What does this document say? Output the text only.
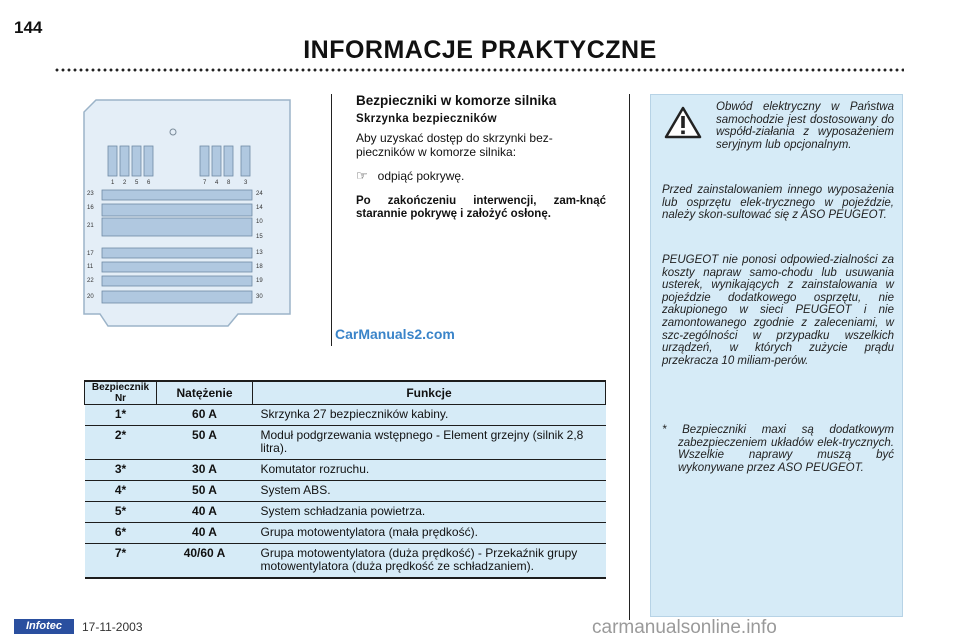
144
INFORMACJE PRAKTYCZNE
1 2 5 6	7 4 8 3
23
16
21
17
11
22
20
24
14
10
15
13
18
19
30
Bezpieczniki w komorze silnika
Skrzynka bezpieczników
Aby uzyskać dostęp do skrzynki bez-pieczników w komorze silnika:
☞ odpiąć pokrywę.
Po zakończeniu interwencji, zam-knąć starannie pokrywę i założyć osłonę.
CarManuals2.com
Obwód elektryczny w Państwa samochodzie jest dostosowany do współd-ziałania z wyposażeniem seryjnym lub opcjonalnym.
Przed zainstalowaniem innego wyposażenia lub osprzętu elek-trycznego w pojeździe, należy skon-sultować się z ASO PEUGEOT.
PEUGEOT nie ponosi odpowied-zialności za koszty napraw samo-chodu lub usuwania usterek, wynikających z zainstalowania w pojeździe dodatkowego osprzętu, nie zakupionego w sieci PEUGEOT i nie zamontowanego zgodnie z zaleceniami, w szc-zególności w przypadku wszelkich urządzeń, w których zużycie prądu przekracza 10 miliam-perów.
* Bezpieczniki maxi są dodatkowym zabezpieczeniem układów elek-trycznych. Wszelkie naprawy muszą być wykonywane przez ASO PEUGEOT.
Bezpiecznik Nr	Natężenie	Funkcje
1*	60 A	Skrzynka 27 bezpieczników kabiny.
2*	50 A	Moduł podgrzewania wstępnego - Element grzejny (silnik 2,8 litra).
3*	30 A	Komutator rozruchu.
4*	50 A	System ABS.
5*	40 A	System schładzania powietrza.
6*	40 A	Grupa motowentylatora (mała prędkość).
7*	40/60 A	Grupa motowentylatora (duża prędkość) - Przekaźnik grupy motowentylatora (duża prędkość ze schładzaniem).
Infotec	17-11-2003	carmanualsonline.info
